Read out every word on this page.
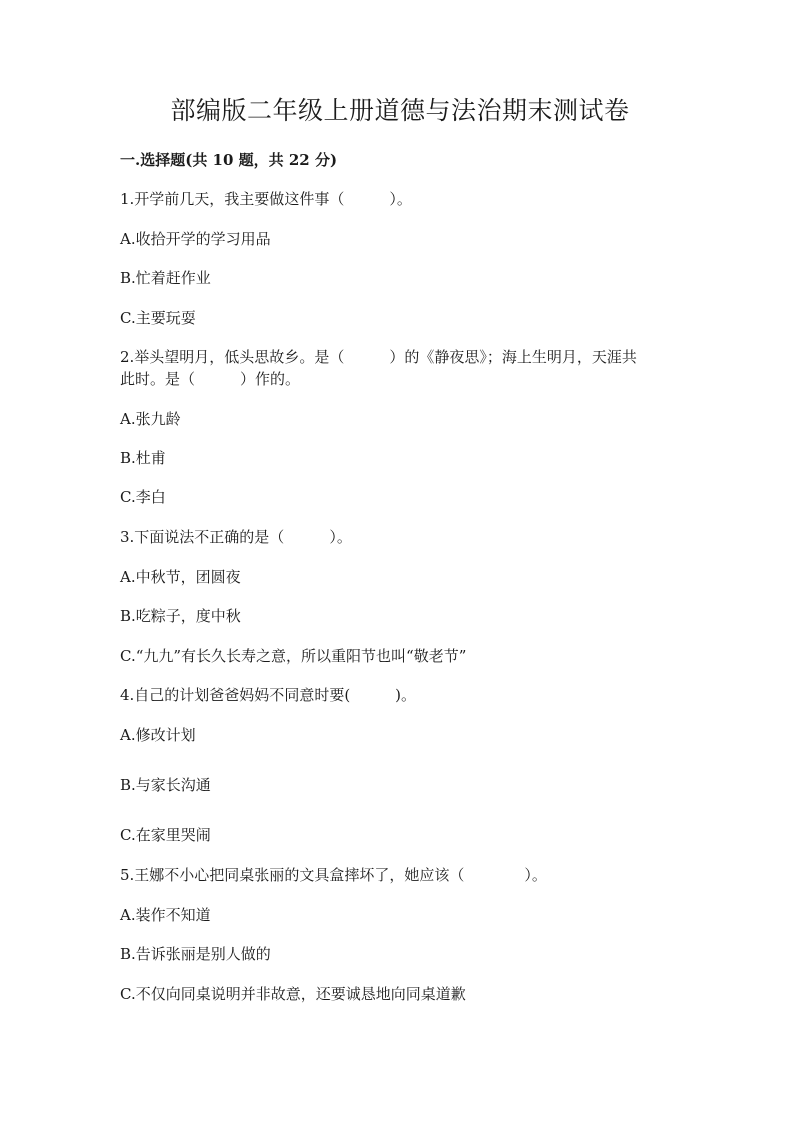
部编版二年级上册道德与法治期末测试卷
一.选择题(共 10 题，共 22 分)
1.开学前几天，我主要做这件事（　　　）。
A.收拾开学的学习用品
B.忙着赶作业
C.主要玩耍
2.举头望明月，低头思故乡。是（　　　）的《静夜思》；海上生明月，天涯共
此时。是（　　　）作的。
A.张九龄
B.杜甫
C.李白
3.下面说法不正确的是（　　　）。
A.中秋节，团圆夜
B.吃粽子，度中秋
C.“九九”有长久长寿之意，所以重阳节也叫“敬老节”
4.自己的计划爸爸妈妈不同意时要(　　　)。
A.修改计划
B.与家长沟通
C.在家里哭闹
5.王娜不小心把同桌张丽的文具盒摔坏了，她应该（　　　　）。
A.装作不知道
B.告诉张丽是别人做的
C.不仅向同桌说明并非故意，还要诚恳地向同桌道歉
